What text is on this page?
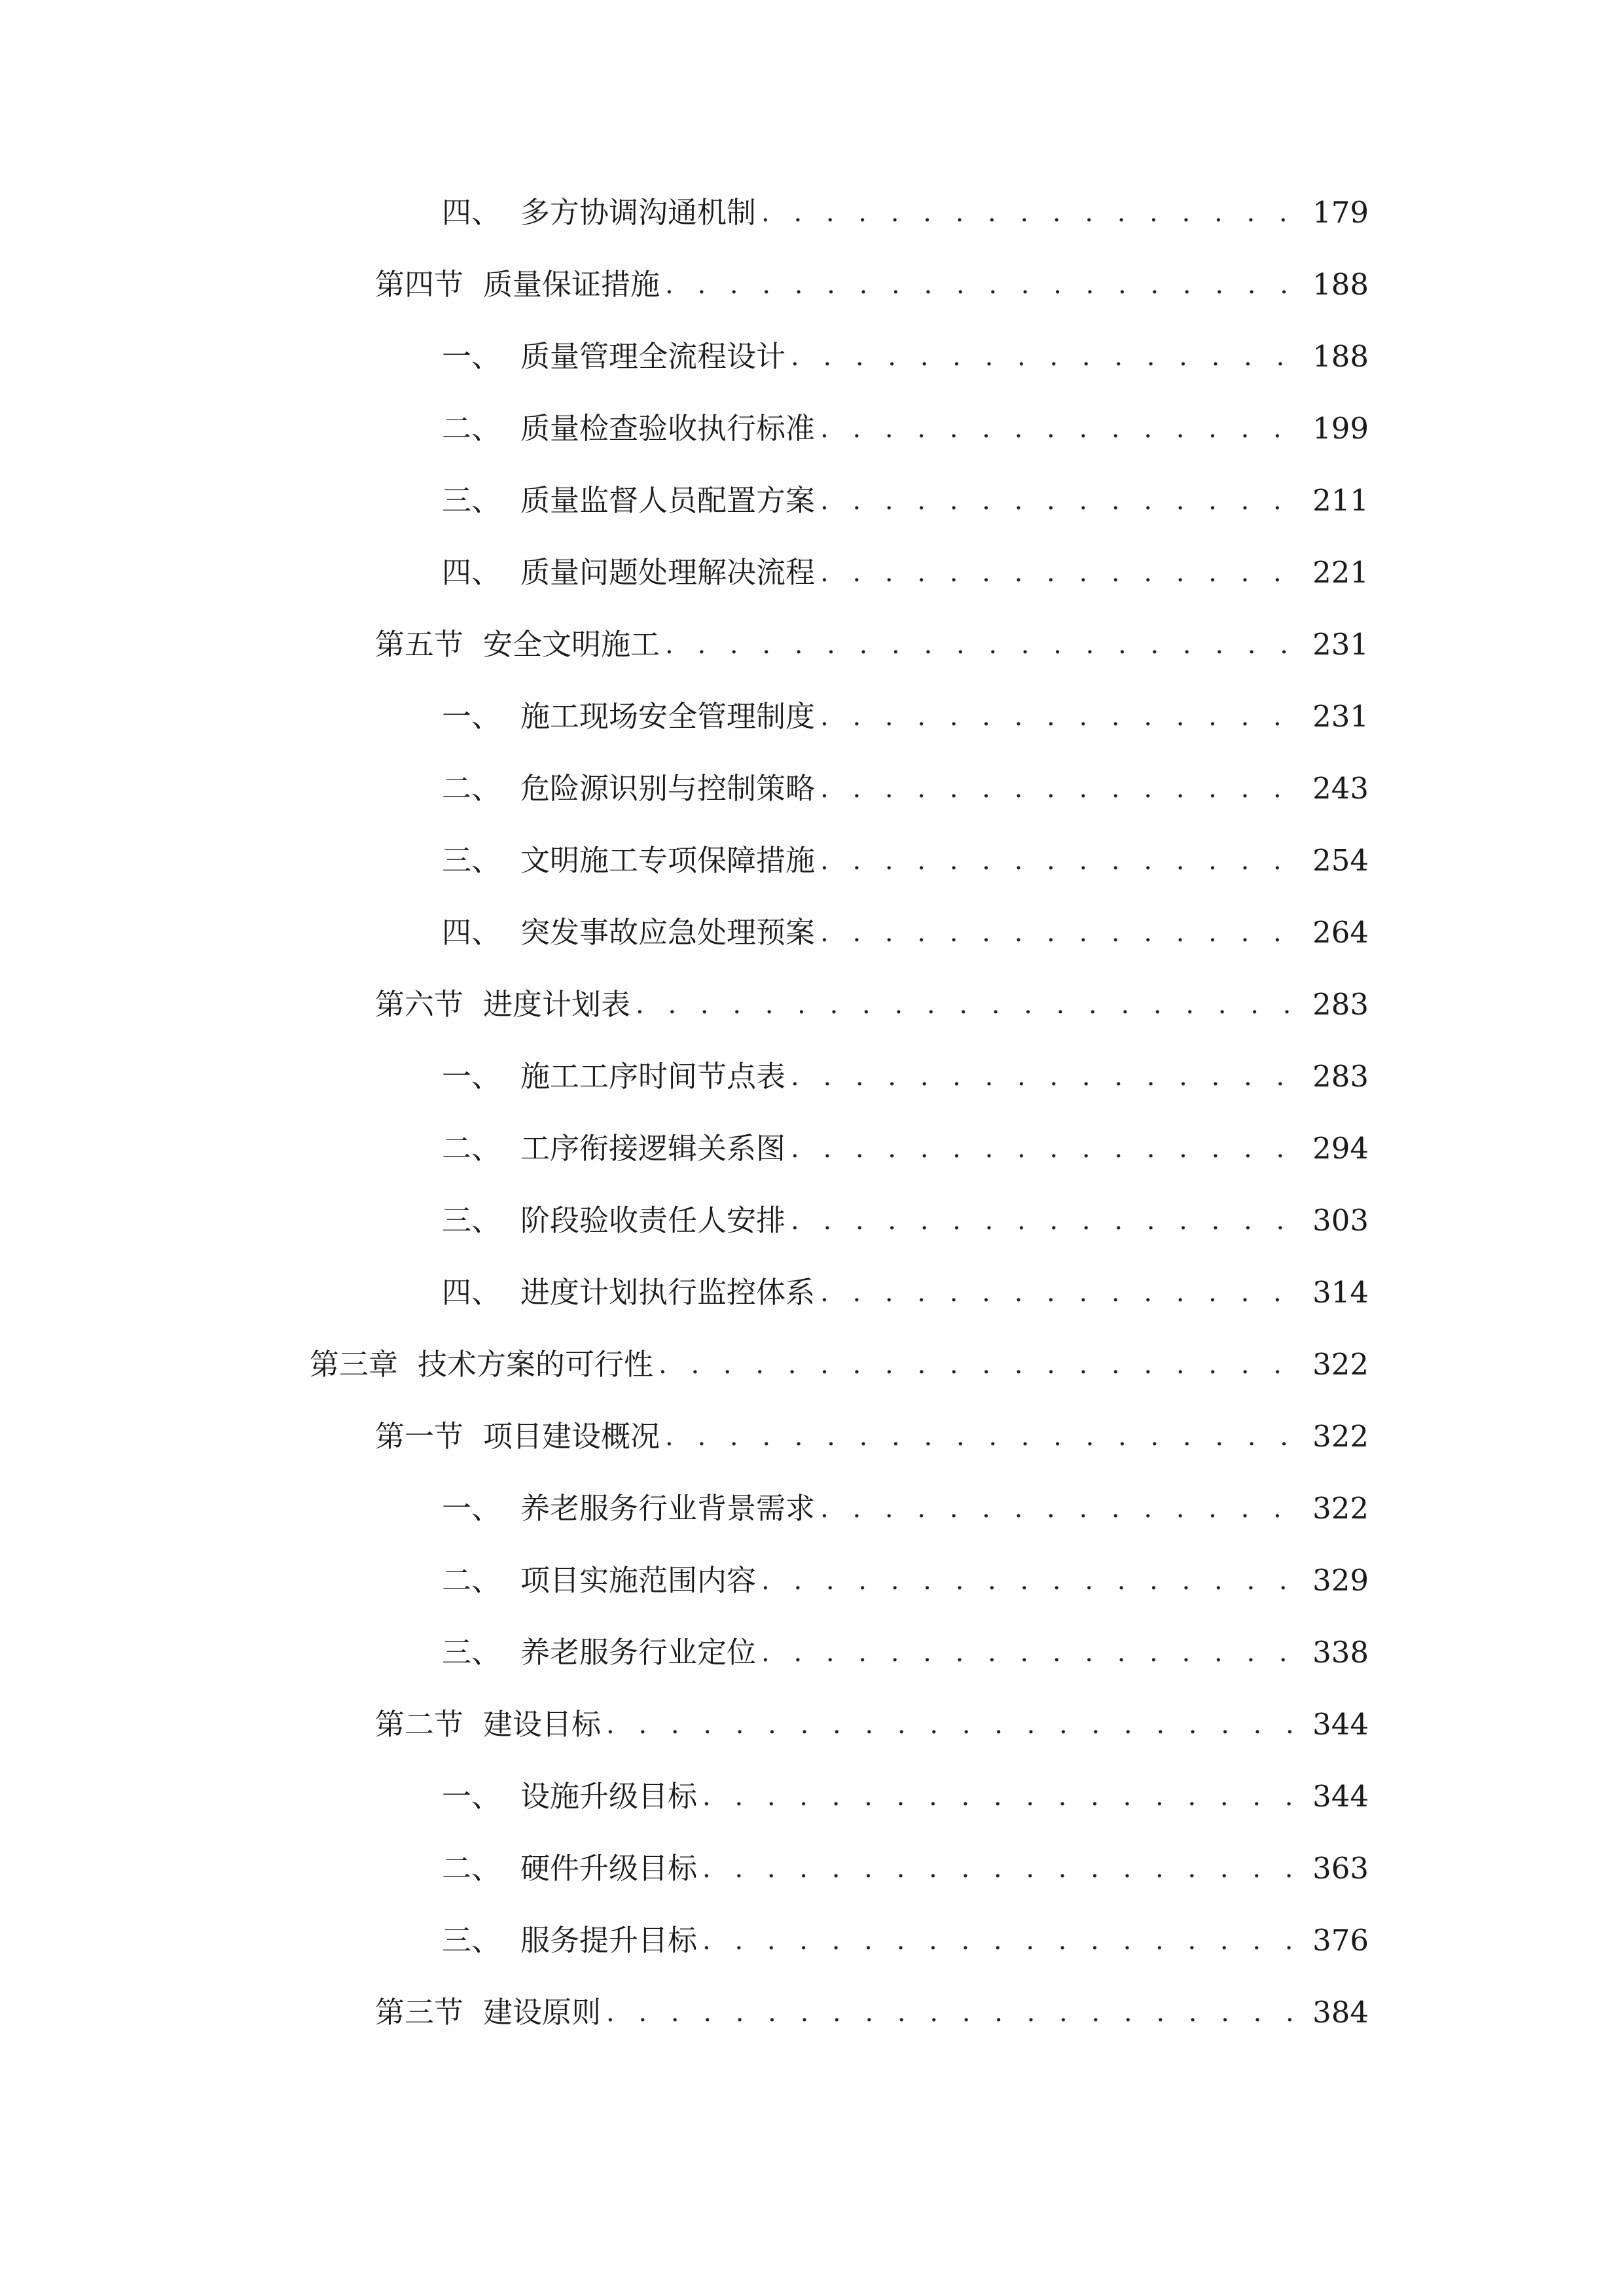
四、 多方协调沟通机制 . . .	179
第四节 质量保证措施 . . .	188
一、 质量管理全流程设计 . . .	188
二、 质量检查验收执行标准 . . .	199
三、 质量监督人员配置方案 . . .	211
四、 质量问题处理解决流程 . . .	221
第五节 安全文明施工 . . .	231
一、 施工现场安全管理制度 . . .	231
二、 危险源识别与控制策略 . . .	243
三、 文明施工专项保障措施 . . .	254
四、 突发事故应急处理预案 . . .	264
第六节 进度计划表 . . .	283
一、 施工工序时间节点表 . . .	283
二、 工序衔接逻辑关系图 . . .	294
三、 阶段验收责任人安排 . . .	303
四、 进度计划执行监控体系 . . .	314
第三章 技术方案的可行性 . . .	322
第一节 项目建设概况 . . .	322
一、 养老服务行业背景需求 . . .	322
二、 项目实施范围内容 . . .	329
三、 养老服务行业定位 . . .	338
第二节 建设目标 . . .	344
一、 设施升级目标 . . .	344
二、 硬件升级目标 . . .	363
三、 服务提升目标 . . .	376
第三节 建设原则 . . .	384
